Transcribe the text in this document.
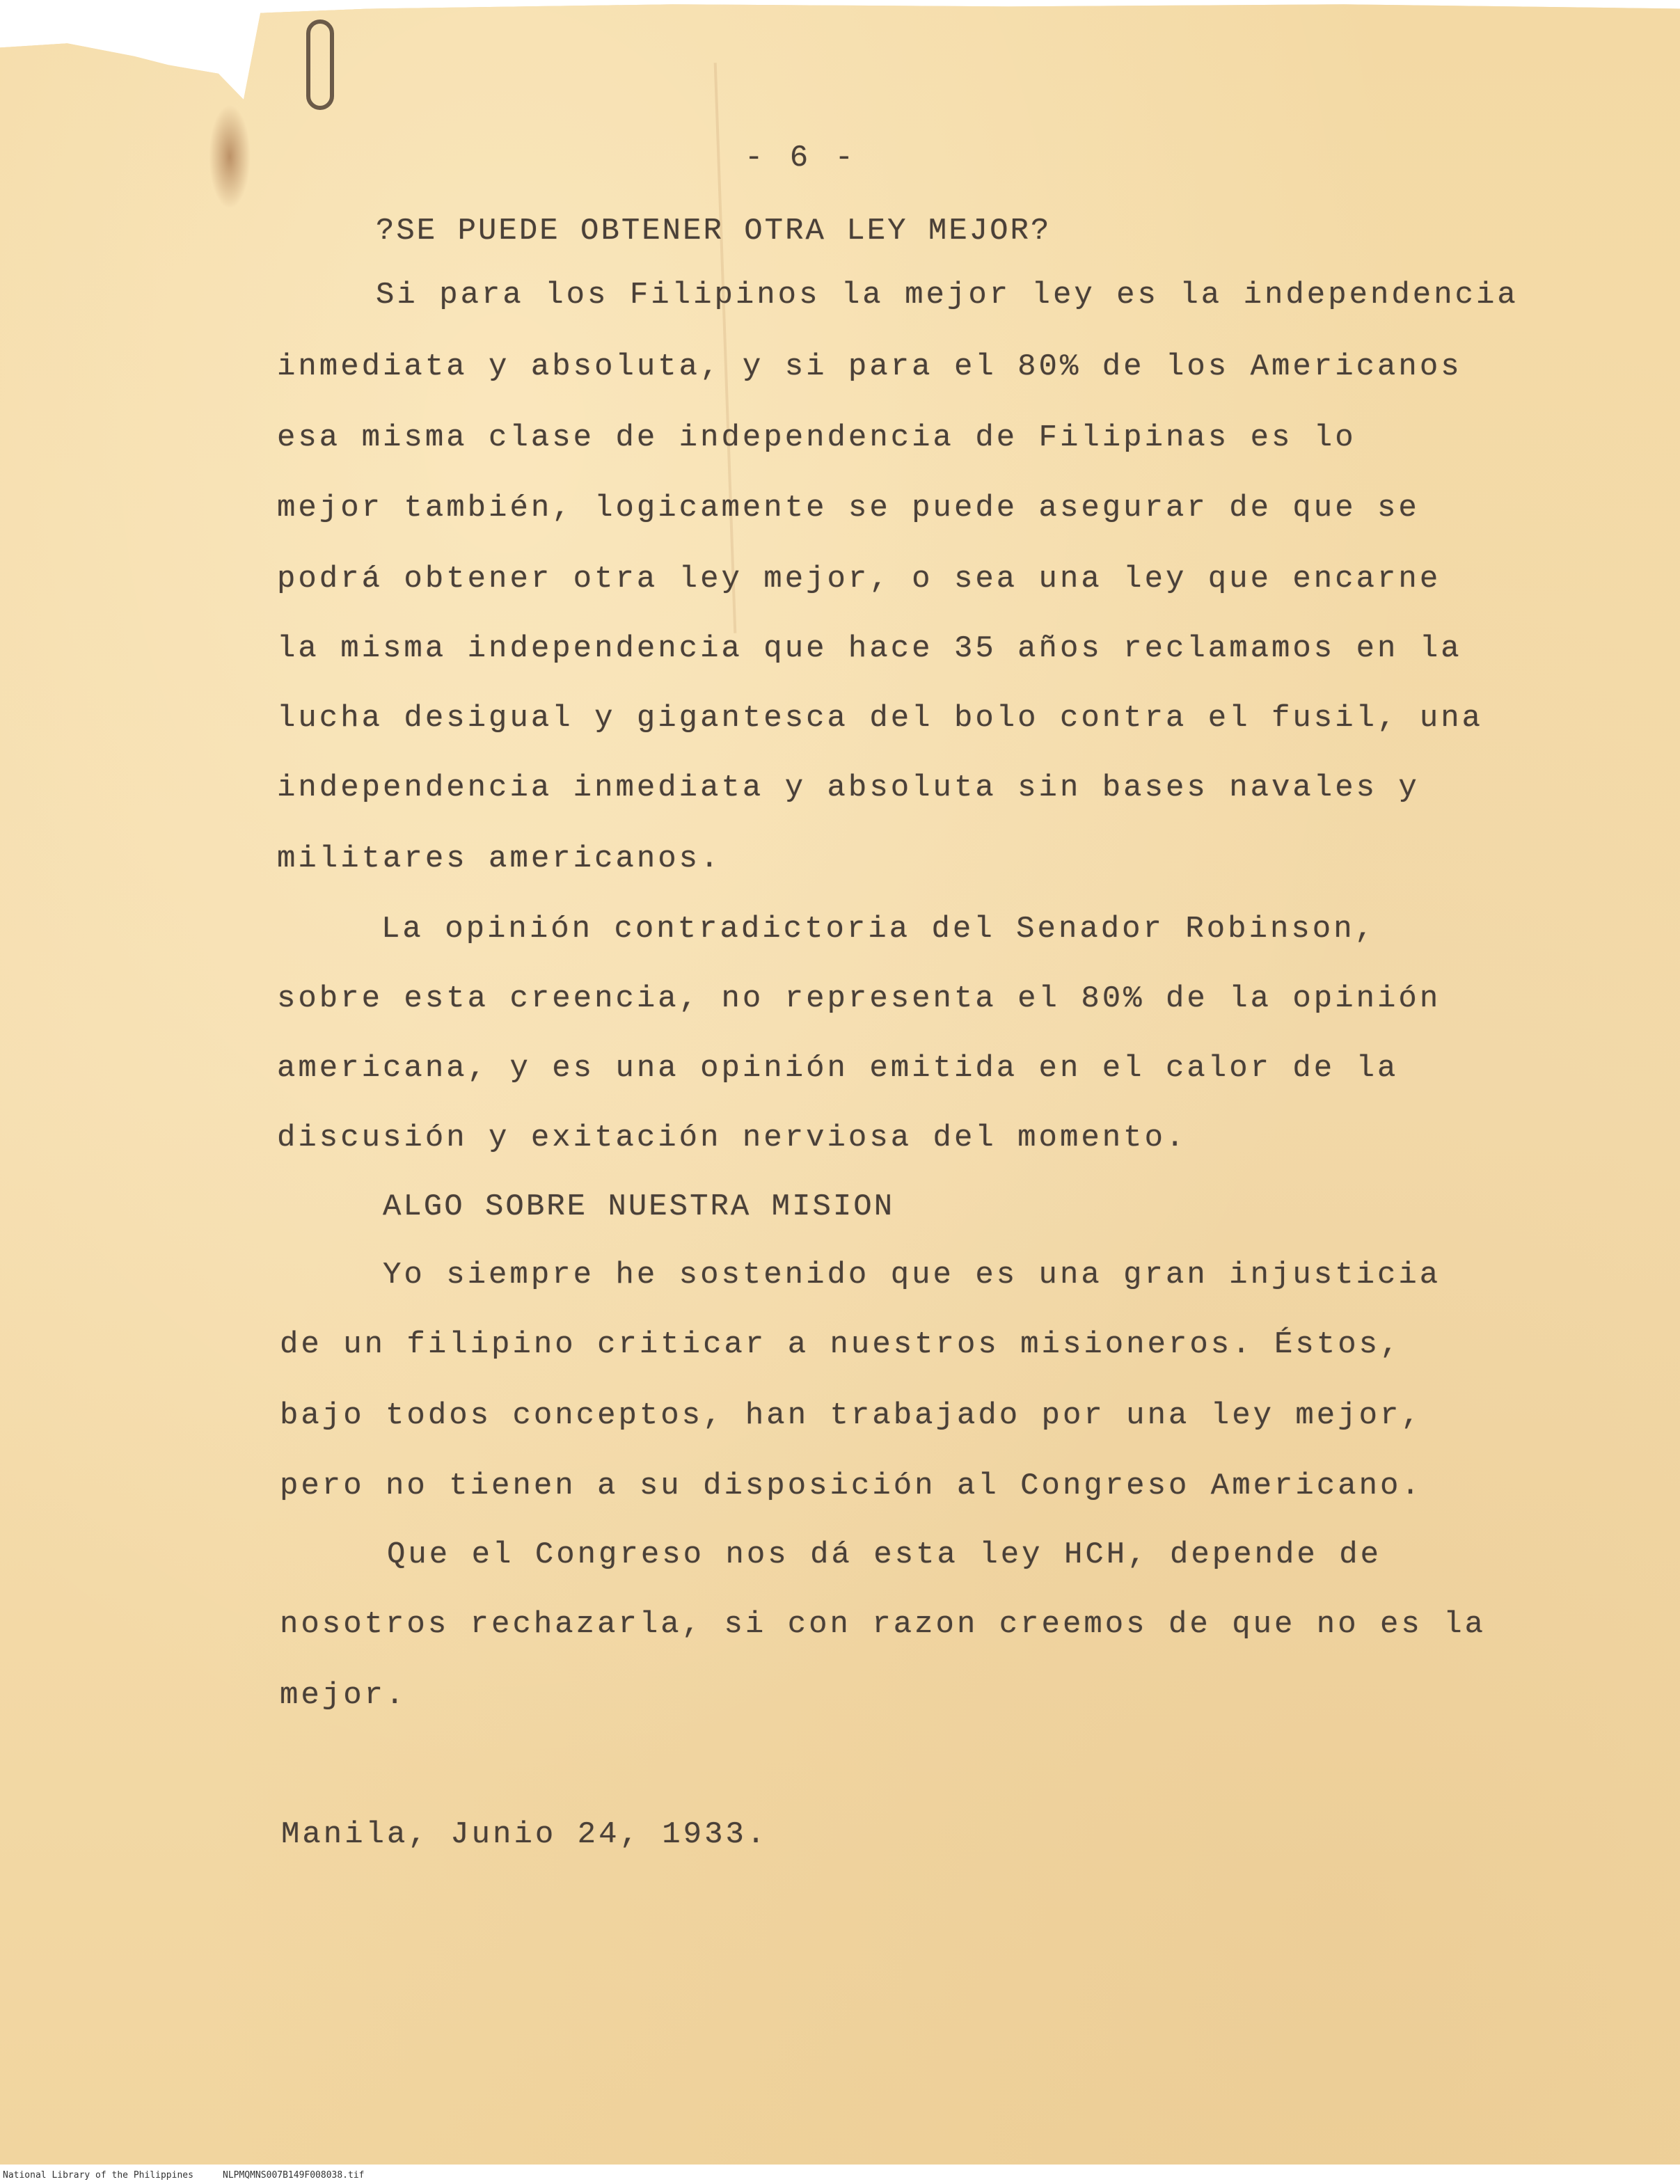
- 6 -
?SE PUEDE OBTENER OTRA LEY MEJOR?
Si para los Filipinos la mejor ley es la independencia
inmediata y absoluta, y si para el 80% de los Americanos
esa misma clase de independencia de Filipinas es lo
mejor también, logicamente se puede asegurar de que se
podrá obtener otra ley mejor, o sea una ley que encarne
la misma independencia que hace 35 años reclamamos en la
lucha desigual y gigantesca del bolo contra el fusil, una
independencia inmediata y absoluta sin bases navales y
militares americanos.
La opinión contradictoria del Senador Robinson,
sobre esta creencia, no representa el 80% de la opinión
americana, y es una opinión emitida en el calor de la
discusión y exitación nerviosa del momento.
ALGO SOBRE NUESTRA MISION
Yo siempre he sostenido que es una gran injusticia
de un filipino criticar a nuestros misioneros. Éstos,
bajo todos conceptos, han trabajado por una ley mejor,
pero no tienen a su disposición al Congreso Americano.
Que el Congreso nos dá esta ley HCH, depende de
nosotros rechazarla, si con razon creemos de que no es la
mejor.
Manila, Junio 24, 1933.
National Library of the Philippines	NLPMQMNS007B149F008038.tif
